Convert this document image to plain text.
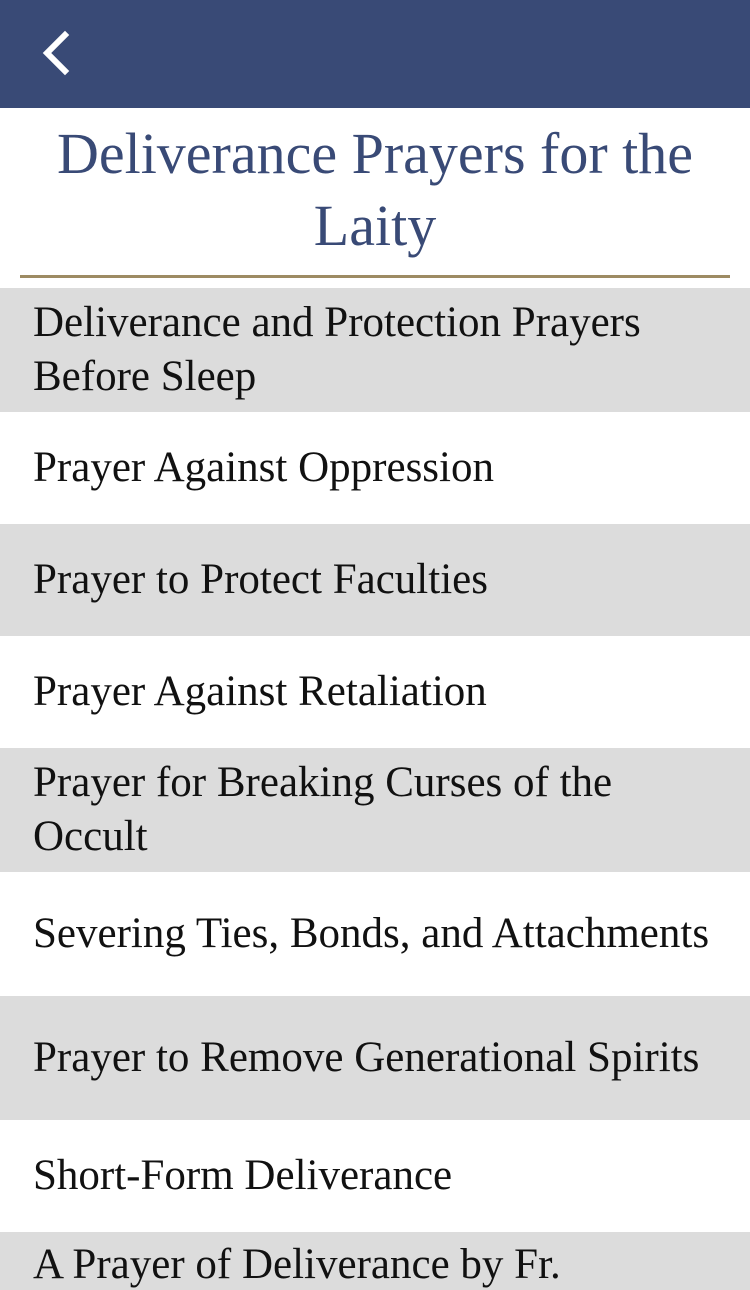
Deliverance Prayers for the Laity
Deliverance and Protection Prayers Before Sleep
Prayer Against Oppression
Prayer to Protect Faculties
Prayer Against Retaliation
Prayer for Breaking Curses of the Occult
Severing Ties, Bonds, and Attachments
Prayer to Remove Generational Spirits
Short-Form Deliverance
A Prayer of Deliverance by Fr.
